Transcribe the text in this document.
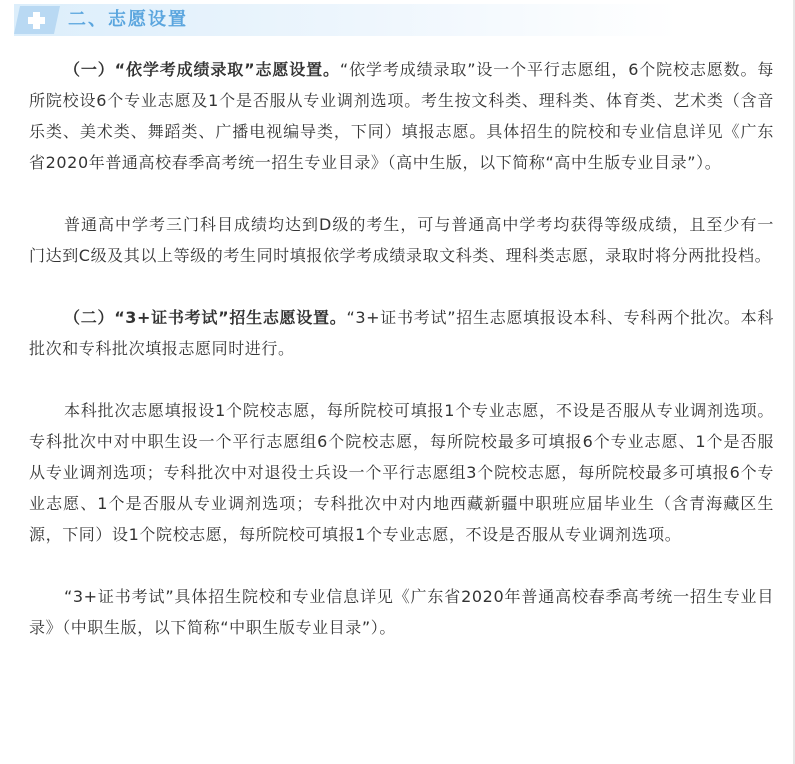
二、志愿设置

（一）“依学考成绩录取”志愿设置。“依学考成绩录取”设一个平行志愿组，6个院校志愿数。每所院校设6个专业志愿及1个是否服从专业调剂选项。考生按文科类、理科类、体育类、艺术类（含音乐类、美术类、舞蹈类、广播电视编导类，下同）填报志愿。具体招生的院校和专业信息详见《广东省2020年普通高校春季高考统一招生专业目录》（高中生版，以下简称“高中生版专业目录”）。

普通高中学考三门科目成绩均达到D级的考生，可与普通高中学考均获得等级成绩，且至少有一门达到C级及其以上等级的考生同时填报依学考成绩录取文科类、理科类志愿，录取时将分两批投档。

（二）“3+证书考试”招生志愿设置。“3+证书考试”招生志愿填报设本科、专科两个批次。本科批次和专科批次填报志愿同时进行。

本科批次志愿填报设1个院校志愿，每所院校可填报1个专业志愿，不设是否服从专业调剂选项。专科批次中对中职生设一个平行志愿组6个院校志愿，每所院校最多可填报6个专业志愿、1个是否服从专业调剂选项；专科批次中对退役士兵设一个平行志愿组3个院校志愿，每所院校最多可填报6个专业志愿、1个是否服从专业调剂选项；专科批次中对内地西藏新疆中职班应届毕业生（含青海藏区生源，下同）设1个院校志愿，每所院校可填报1个专业志愿，不设是否服从专业调剂选项。

“3+证书考试”具体招生院校和专业信息详见《广东省2020年普通高校春季高考统一招生专业目录》（中职生版，以下简称“中职生版专业目录”）。
